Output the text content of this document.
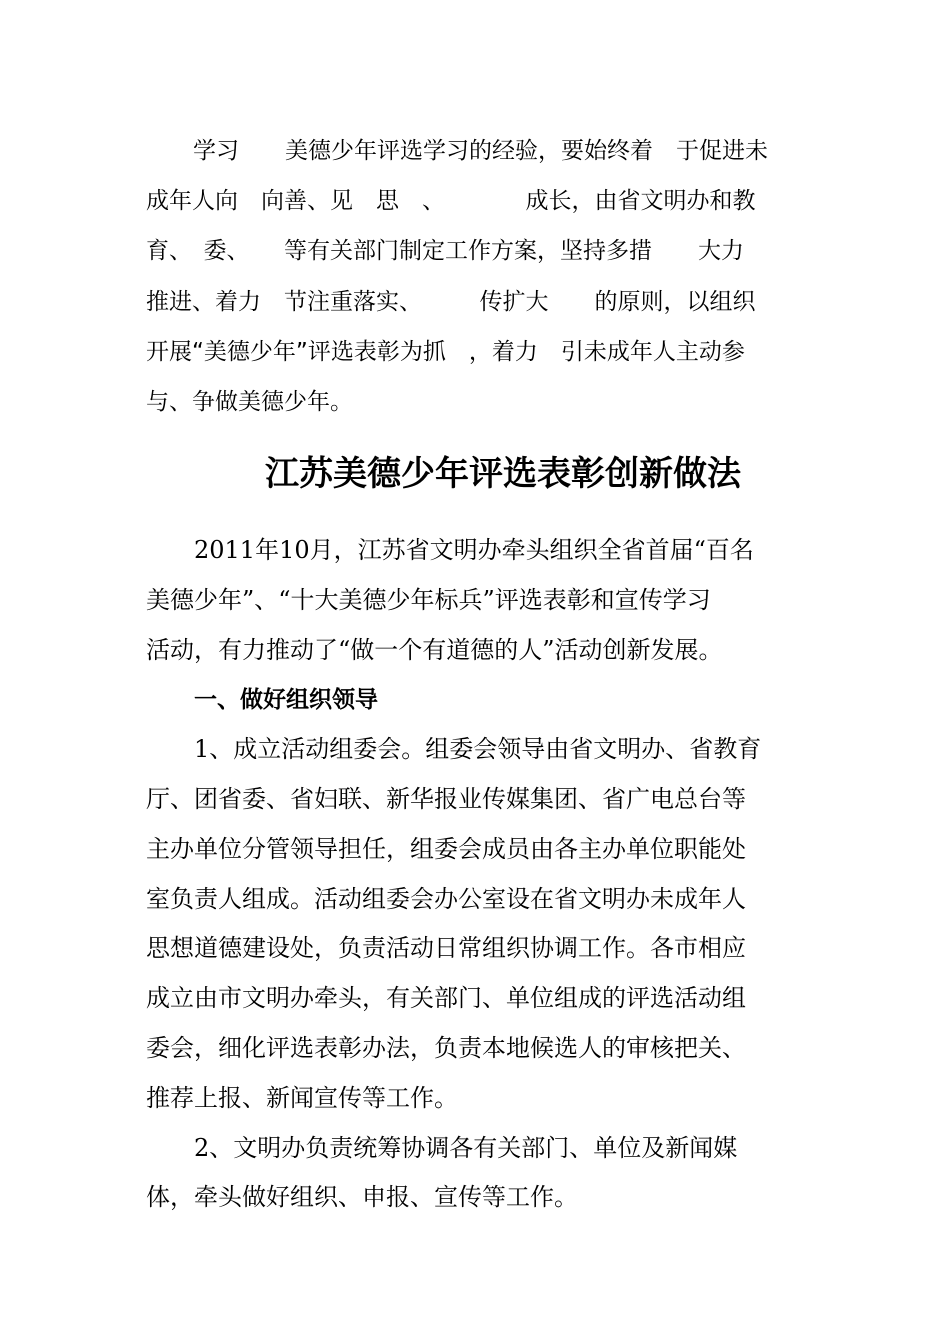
学习　　美德少年评选学习的经验，要始终着　于促进未
成年人向　向善、见　思　、　　　　成长，由省文明办和教
育、　委、　　等有关部门制定工作方案，坚持多措　　大力
推进、着力　节注重落实、　　　传扩大　　的原则，以组织
开展“美德少年”评选表彰为抓　，着力　引未成年人主动参
与、争做美德少年。
江苏美德少年评选表彰创新做法
2011年10月，江苏省文明办牵头组织全省首届“百名
美德少年”、“十大美德少年标兵”评选表彰和宣传学习
活动，有力推动了“做一个有道德的人”活动创新发展。
一、做好组织领导
1、成立活动组委会。组委会领导由省文明办、省教育
厅、团省委、省妇联、新华报业传媒集团、省广电总台等
主办单位分管领导担任，组委会成员由各主办单位职能处
室负责人组成。活动组委会办公室设在省文明办未成年人
思想道德建设处，负责活动日常组织协调工作。各市相应
成立由市文明办牵头，有关部门、单位组成的评选活动组
委会，细化评选表彰办法，负责本地候选人的审核把关、
推荐上报、新闻宣传等工作。
2、文明办负责统筹协调各有关部门、单位及新闻媒
体，牵头做好组织、申报、宣传等工作。
